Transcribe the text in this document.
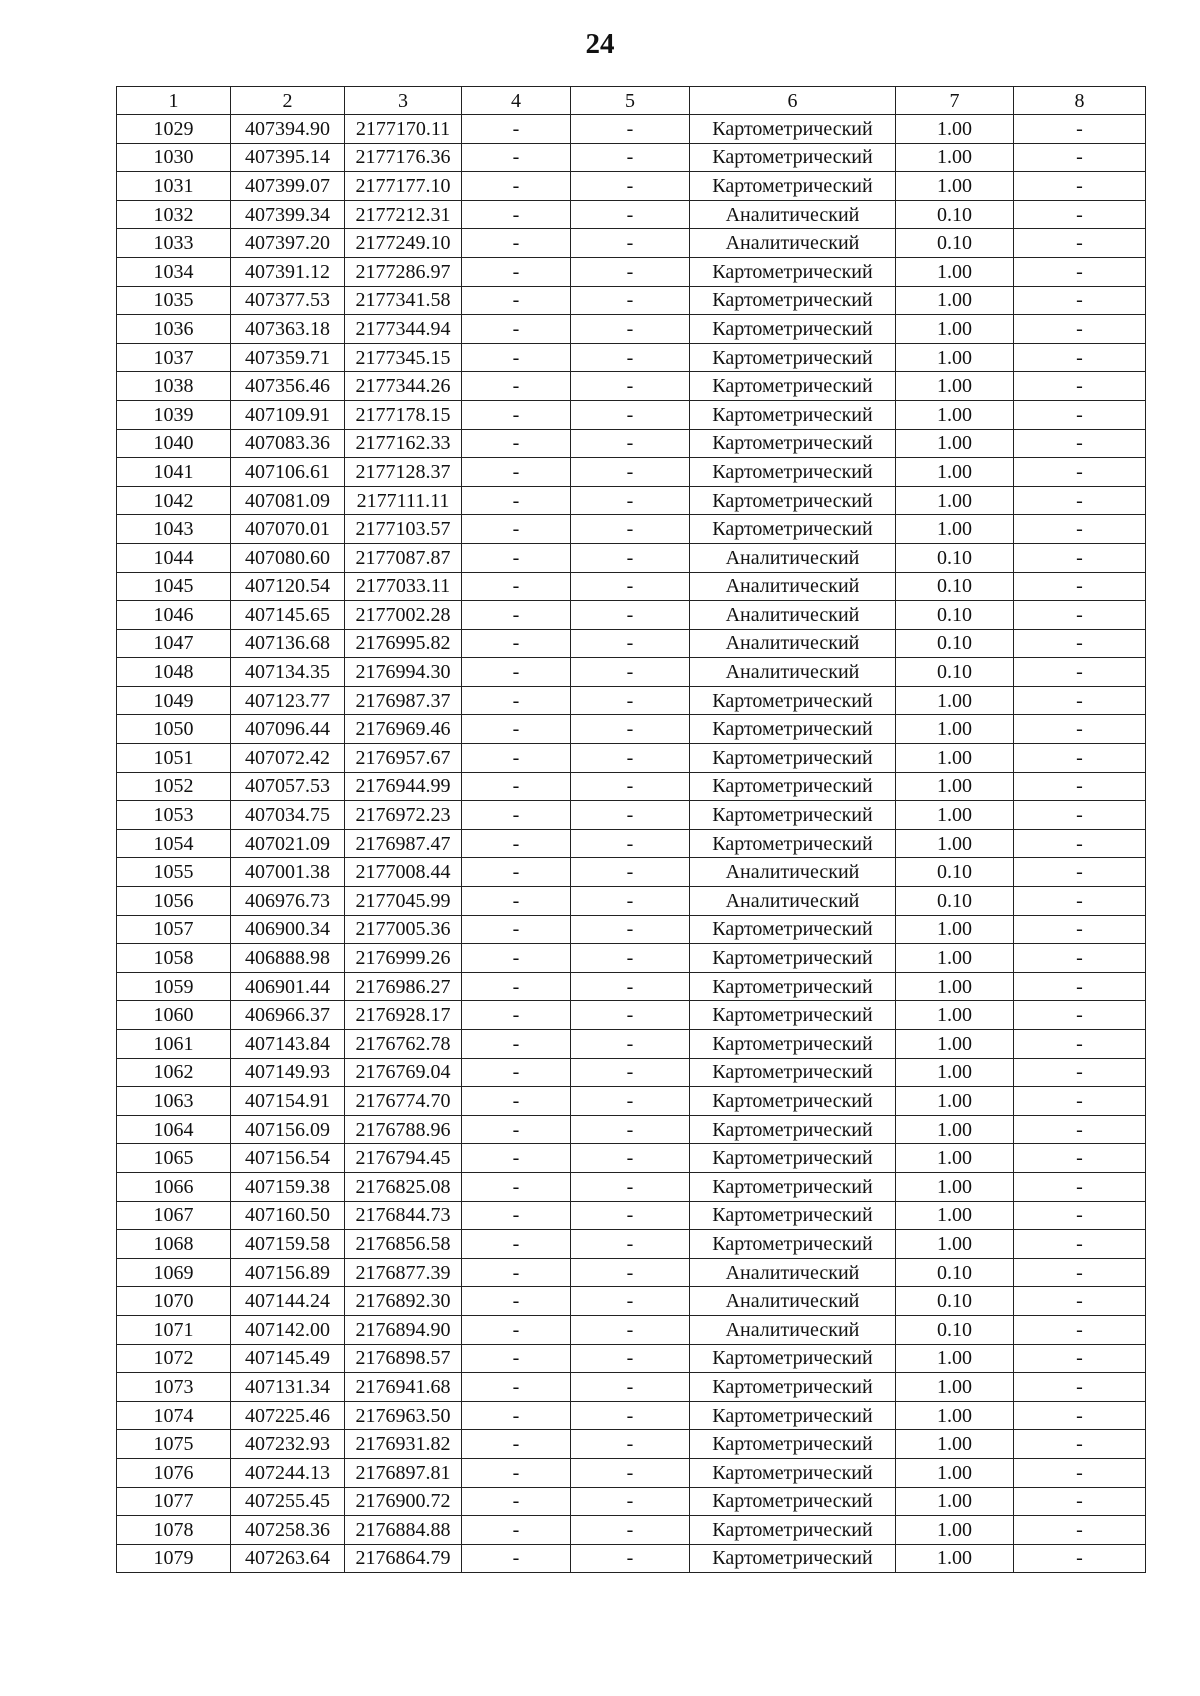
24
1	2	3	4	5	6	7	8
1029	407394.90	2177170.11	-	-	Картометрический	1.00	-
1030	407395.14	2177176.36	-	-	Картометрический	1.00	-
1031	407399.07	2177177.10	-	-	Картометрический	1.00	-
1032	407399.34	2177212.31	-	-	Аналитический	0.10	-
1033	407397.20	2177249.10	-	-	Аналитический	0.10	-
1034	407391.12	2177286.97	-	-	Картометрический	1.00	-
1035	407377.53	2177341.58	-	-	Картометрический	1.00	-
1036	407363.18	2177344.94	-	-	Картометрический	1.00	-
1037	407359.71	2177345.15	-	-	Картометрический	1.00	-
1038	407356.46	2177344.26	-	-	Картометрический	1.00	-
1039	407109.91	2177178.15	-	-	Картометрический	1.00	-
1040	407083.36	2177162.33	-	-	Картометрический	1.00	-
1041	407106.61	2177128.37	-	-	Картометрический	1.00	-
1042	407081.09	2177111.11	-	-	Картометрический	1.00	-
1043	407070.01	2177103.57	-	-	Картометрический	1.00	-
1044	407080.60	2177087.87	-	-	Аналитический	0.10	-
1045	407120.54	2177033.11	-	-	Аналитический	0.10	-
1046	407145.65	2177002.28	-	-	Аналитический	0.10	-
1047	407136.68	2176995.82	-	-	Аналитический	0.10	-
1048	407134.35	2176994.30	-	-	Аналитический	0.10	-
1049	407123.77	2176987.37	-	-	Картометрический	1.00	-
1050	407096.44	2176969.46	-	-	Картометрический	1.00	-
1051	407072.42	2176957.67	-	-	Картометрический	1.00	-
1052	407057.53	2176944.99	-	-	Картометрический	1.00	-
1053	407034.75	2176972.23	-	-	Картометрический	1.00	-
1054	407021.09	2176987.47	-	-	Картометрический	1.00	-
1055	407001.38	2177008.44	-	-	Аналитический	0.10	-
1056	406976.73	2177045.99	-	-	Аналитический	0.10	-
1057	406900.34	2177005.36	-	-	Картометрический	1.00	-
1058	406888.98	2176999.26	-	-	Картометрический	1.00	-
1059	406901.44	2176986.27	-	-	Картометрический	1.00	-
1060	406966.37	2176928.17	-	-	Картометрический	1.00	-
1061	407143.84	2176762.78	-	-	Картометрический	1.00	-
1062	407149.93	2176769.04	-	-	Картометрический	1.00	-
1063	407154.91	2176774.70	-	-	Картометрический	1.00	-
1064	407156.09	2176788.96	-	-	Картометрический	1.00	-
1065	407156.54	2176794.45	-	-	Картометрический	1.00	-
1066	407159.38	2176825.08	-	-	Картометрический	1.00	-
1067	407160.50	2176844.73	-	-	Картометрический	1.00	-
1068	407159.58	2176856.58	-	-	Картометрический	1.00	-
1069	407156.89	2176877.39	-	-	Аналитический	0.10	-
1070	407144.24	2176892.30	-	-	Аналитический	0.10	-
1071	407142.00	2176894.90	-	-	Аналитический	0.10	-
1072	407145.49	2176898.57	-	-	Картометрический	1.00	-
1073	407131.34	2176941.68	-	-	Картометрический	1.00	-
1074	407225.46	2176963.50	-	-	Картометрический	1.00	-
1075	407232.93	2176931.82	-	-	Картометрический	1.00	-
1076	407244.13	2176897.81	-	-	Картометрический	1.00	-
1077	407255.45	2176900.72	-	-	Картометрический	1.00	-
1078	407258.36	2176884.88	-	-	Картометрический	1.00	-
1079	407263.64	2176864.79	-	-	Картометрический	1.00	-
